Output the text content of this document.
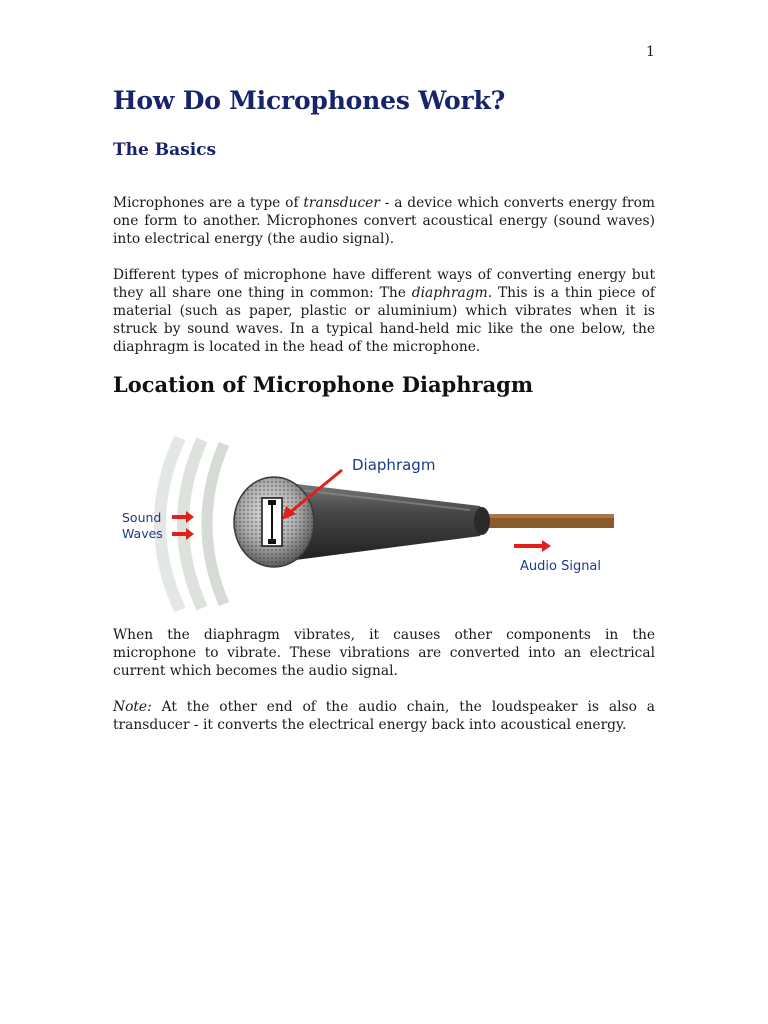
1
How Do Microphones Work?
The Basics

Microphones are a type of transducer - a device which converts energy from one form to another. Microphones convert acoustical energy (sound waves) into electrical energy (the audio signal).

Different types of microphone have different ways of converting energy but they all share one thing in common: The diaphragm. This is a thin piece of material (such as paper, plastic or aluminium) which vibrates when it is struck by sound waves. In a typical hand-held mic like the one below, the diaphragm is located in the head of the microphone.

Location of Microphone Diaphragm
Diaphragm
Sound
Waves
Audio Signal

When the diaphragm vibrates, it causes other components in the microphone to vibrate. These vibrations are converted into an electrical current which becomes the audio signal.

Note: At the other end of the audio chain, the loudspeaker is also a transducer - it converts the electrical energy back into acoustical energy.
